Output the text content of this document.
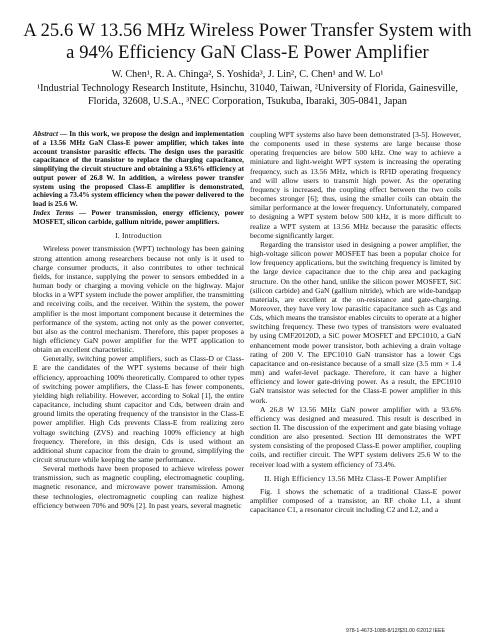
A 25.6 W 13.56 MHz Wireless Power Transfer System with a 94% Efficiency GaN Class-E Power Amplifier
W. Chen¹, R. A. Chinga², S. Yoshida³, J. Lin², C. Chen¹ and W. Lo¹
¹Industrial Technology Research Institute, Hsinchu, 31040, Taiwan, ²University of Florida, Gainesville,
Florida, 32608, U.S.A., ³NEC Corporation, Tsukuba, Ibaraki, 305-0841, Japan

Abstract — In this work, we propose the design and implementation of a 13.56 MHz GaN Class-E power amplifier, which takes into account transistor parasitic effects. The design uses the parasitic capacitance of the transistor to replace the charging capacitance, simplifying the circuit structure and obtaining a 93.6% efficiency at output power of 26.8 W. In addition, a wireless power transfer system using the proposed Class-E amplifier is demonstrated, achieving a 73.4% system efficiency when the power delivered to the load is 25.6 W.

Index Terms — Power transmission, energy efficiency, power MOSFET, silicon carbide, gallium nitride, power amplifiers.

I. Introduction

Wireless power transmission (WPT) technology has been gaining strong attention among researchers because not only is it used to charge consumer products, it also contributes to other technical fields, for instance, supplying the power to sensors embedded in a human body or charging a moving vehicle on the highway. Major blocks in a WPT system include the power amplifier, the transmitting and receiving coils, and the receiver. Within the system, the power amplifier is the most important component because it determines the performance of the system, acting not only as the power converter, but also as the control mechanism. Therefore, this paper proposes a high efficiency GaN power amplifier for the WPT application to obtain an excellent characteristic.

Generally, switching power amplifiers, such as Class-D or Class-E are the candidates of the WPT systems because of their high efficiency, approaching 100% theoretically. Compared to other types of switching power amplifiers, the Class-E has fewer components, yielding high reliability. However, according to Sokal [1], the entire capacitance, including shunt capacitor and Cds, between drain and ground limits the operating frequency of the transistor in the Class-E power amplifier. High Cds prevents Class-E from realizing zero voltage switching (ZVS) and reaching 100% efficiency at high frequency. Therefore, in this design, Cds is used without an additional shunt capacitor from the drain to ground, simplifying the circuit structure while keeping the same performance.

Several methods have been proposed to achieve wireless power transmission, such as magnetic coupling, electromagnetic coupling, magnetic resonance, and microwave power transmission. Among these technologies, electromagnetic coupling can realize highest efficiency between 70% and 90% [2]. In past years, several magnetic

coupling WPT systems also have been demonstrated [3-5]. However, the components used in these systems are large because those operating frequencies are below 500 kHz. One way to achieve a miniature and light-weight WPT system is increasing the operating frequency, such as 13.56 MHz, which is RFID operating frequency and will allow users to transmit high power. As the operating frequency is increased, the coupling effect between the two coils becomes stronger [6]; thus, using the smaller coils can obtain the similar performance at the lower frequency. Unfortunately, compared to designing a WPT system below 500 kHz, it is more difficult to realize a WPT system at 13.56 MHz because the parasitic effects become significantly larger.

Regarding the transistor used in designing a power amplifier, the high-voltage silicon power MOSFET has been a popular choice for low frequency applications, but the switching frequency is limited by the large device capacitance due to the chip area and packaging structure. On the other hand, unlike the silicon power MOSFET, SiC (silicon carbide) and GaN (gallium nitride), which are wide-bandgap materials, are excellent at the on-resistance and gate-charging. Moreover, they have very low parasitic capacitance such as Cgs and Cds, which means the transistor enables circuits to operate at a higher switching frequency. These two types of transistors were evaluated by using CMF20120D, a SiC power MOSFET and EPC1010, a GaN enhancement mode power transistor, both achieving a drain voltage rating of 200 V. The EPC1010 GaN transistor has a lower Cgs capacitance and on-resistance because of a small size (3.5 mm × 1.4 mm) and wafer-level package. Therefore, it can have a higher efficiency and lower gate-driving power. As a result, the EPC1010 GaN transistor was selected for the Class-E power amplifier in this work.

A 26.8 W 13.56 MHz GaN power amplifier with a 93.6% efficiency was designed and measured. This result is described in section II. The discussion of the experiment and gate biasing voltage condition are also presented. Section III demonstrates the WPT system consisting of the proposed Class-E power amplifier, coupling coils, and rectifier circuit. The WPT system delivers 25.6 W to the receiver load with a system efficiency of 73.4%.

II. High Efficiency 13.56 MHz Class-E Power Amplifier

Fig. 1 shows the schematic of a traditional Class-E power amplifier composed of a transistor, an RF choke L1, a shunt capacitance C1, a resonator circuit including C2 and L2, and a

978-1-4673-1088-8/12/$31.00 ©2012 IEEE
